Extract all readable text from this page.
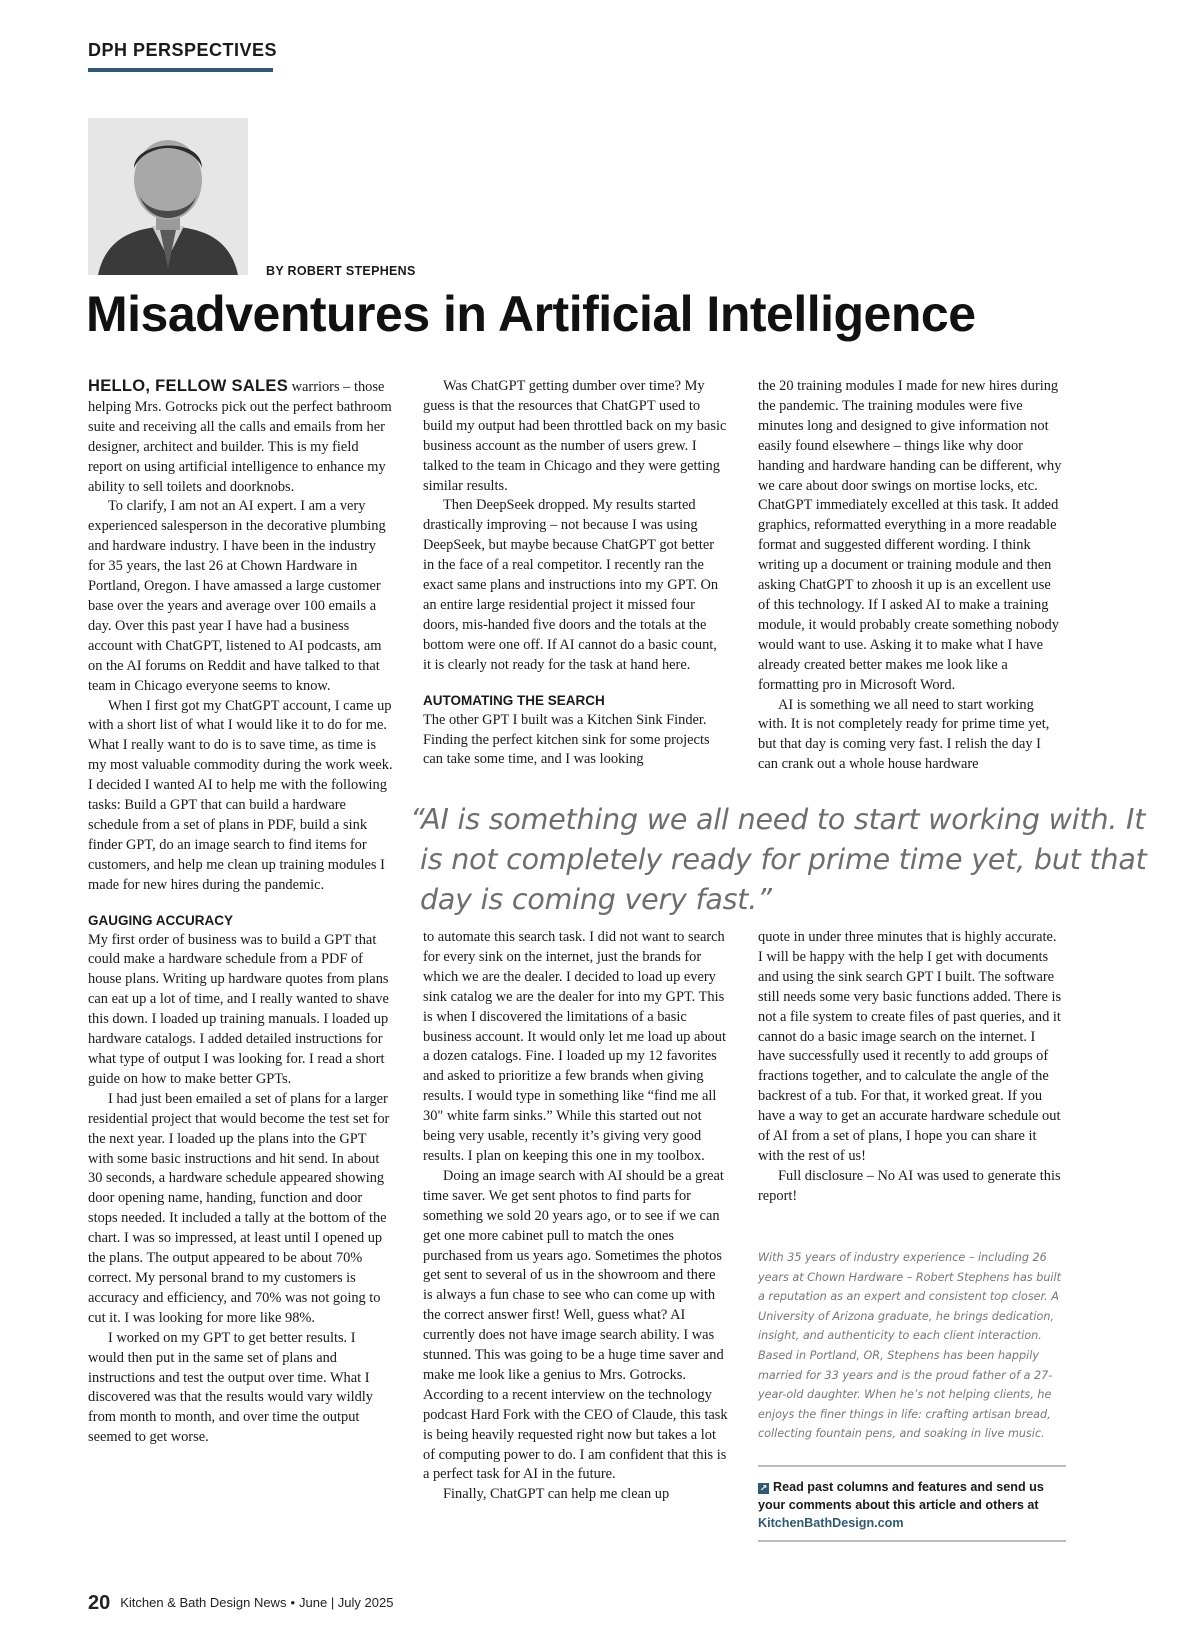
DPH PERSPECTIVES
BY ROBERT STEPHENS
Misadventures in Artificial Intelligence

HELLO, FELLOW SALES warriors – those helping Mrs. Gotrocks pick out the perfect bathroom suite and receiving all the calls and emails from her designer, architect and builder. This is my field report on using artificial intelligence to enhance my ability to sell toilets and doorknobs.

To clarify, I am not an AI expert. I am a very experienced salesperson in the decorative plumbing and hardware industry. I have been in the industry for 35 years, the last 26 at Chown Hardware in Portland, Oregon. I have amassed a large customer base over the years and average over 100 emails a day. Over this past year I have had a business account with ChatGPT, listened to AI podcasts, am on the AI forums on Reddit and have talked to that team in Chicago everyone seems to know.

When I first got my ChatGPT account, I came up with a short list of what I would like it to do for me. What I really want to do is to save time, as time is my most valuable commodity during the work week. I decided I wanted AI to help me with the following tasks: Build a GPT that can build a hardware schedule from a set of plans in PDF, build a sink finder GPT, do an image search to find items for customers, and help me clean up training modules I made for new hires during the pandemic.

GAUGING ACCURACY

My first order of business was to build a GPT that could make a hardware schedule from a PDF of house plans. Writing up hardware quotes from plans can eat up a lot of time, and I really wanted to shave this down. I loaded up training manuals. I loaded up hardware catalogs. I added detailed instructions for what type of output I was looking for. I read a short guide on how to make better GPTs.

I had just been emailed a set of plans for a larger residential project that would become the test set for the next year. I loaded up the plans into the GPT with some basic instructions and hit send. In about 30 seconds, a hardware schedule appeared showing door opening name, handing, function and door stops needed. It included a tally at the bottom of the chart. I was so impressed, at least until I opened up the plans. The output appeared to be about 70% correct. My personal brand to my customers is accuracy and efficiency, and 70% was not going to cut it. I was looking for more like 98%.

I worked on my GPT to get better results. I would then put in the same set of plans and instructions and test the output over time. What I discovered was that the results would vary wildly from month to month, and over time the output seemed to get worse.

Was ChatGPT getting dumber over time? My guess is that the resources that ChatGPT used to build my output had been throttled back on my basic business account as the number of users grew. I talked to the team in Chicago and they were getting similar results.

Then DeepSeek dropped. My results started drastically improving – not because I was using DeepSeek, but maybe because ChatGPT got better in the face of a real competitor. I recently ran the exact same plans and instructions into my GPT. On an entire large residential project it missed four doors, mis-handed five doors and the totals at the bottom were one off. If AI cannot do a basic count, it is clearly not ready for the task at hand here.

AUTOMATING THE SEARCH

The other GPT I built was a Kitchen Sink Finder. Finding the perfect kitchen sink for some projects can take some time, and I was looking

the 20 training modules I made for new hires during the pandemic. The training modules were five minutes long and designed to give information not easily found elsewhere – things like why door handing and hardware handing can be different, why we care about door swings on mortise locks, etc. ChatGPT immediately excelled at this task. It added graphics, reformatted everything in a more readable format and suggested different wording. I think writing up a document or training module and then asking ChatGPT to zhoosh it up is an excellent use of this technology. If I asked AI to make a training module, it would probably create something nobody would want to use. Asking it to make what I have already created better makes me look like a formatting pro in Microsoft Word.

AI is something we all need to start working with. It is not completely ready for prime time yet, but that day is coming very fast. I relish the day I can crank out a whole house hardware

“AI is something we all need to start working with. It
is not completely ready for prime time yet, but that
day is coming very fast.”

to automate this search task. I did not want to search for every sink on the internet, just the brands for which we are the dealer. I decided to load up every sink catalog we are the dealer for into my GPT. This is when I discovered the limitations of a basic business account. It would only let me load up about a dozen catalogs. Fine. I loaded up my 12 favorites and asked to prioritize a few brands when giving results. I would type in something like “find me all 30" white farm sinks.” While this started out not being very usable, recently it’s giving very good results. I plan on keeping this one in my toolbox.

Doing an image search with AI should be a great time saver. We get sent photos to find parts for something we sold 20 years ago, or to see if we can get one more cabinet pull to match the ones purchased from us years ago. Sometimes the photos get sent to several of us in the showroom and there is always a fun chase to see who can come up with the correct answer first! Well, guess what? AI currently does not have image search ability. I was stunned. This was going to be a huge time saver and make me look like a genius to Mrs. Gotrocks. According to a recent interview on the technology podcast Hard Fork with the CEO of Claude, this task is being heavily requested right now but takes a lot of computing power to do. I am confident that this is a perfect task for AI in the future.

Finally, ChatGPT can help me clean up

quote in under three minutes that is highly accurate. I will be happy with the help I get with documents and using the sink search GPT I built. The software still needs some very basic functions added. There is not a file system to create files of past queries, and it cannot do a basic image search on the internet. I have successfully used it recently to add groups of fractions together, and to calculate the angle of the backrest of a tub. For that, it worked great. If you have a way to get an accurate hardware schedule out of AI from a set of plans, I hope you can share it with the rest of us!

Full disclosure – No AI was used to generate this report!

With 35 years of industry experience – including 26 years at Chown Hardware – Robert Stephens has built a reputation as an expert and consistent top closer. A University of Arizona graduate, he brings dedication, insight, and authenticity to each client interaction. Based in Portland, OR, Stephens has been happily married for 33 years and is the proud father of a 27-year-old daughter. When he’s not helping clients, he enjoys the finer things in life: crafting artisan bread, collecting fountain pens, and soaking in live music.
↗ Read past columns and features and send us your comments about this article and others at KitchenBathDesign.com
20 Kitchen & Bath Design News • June | July 2025
